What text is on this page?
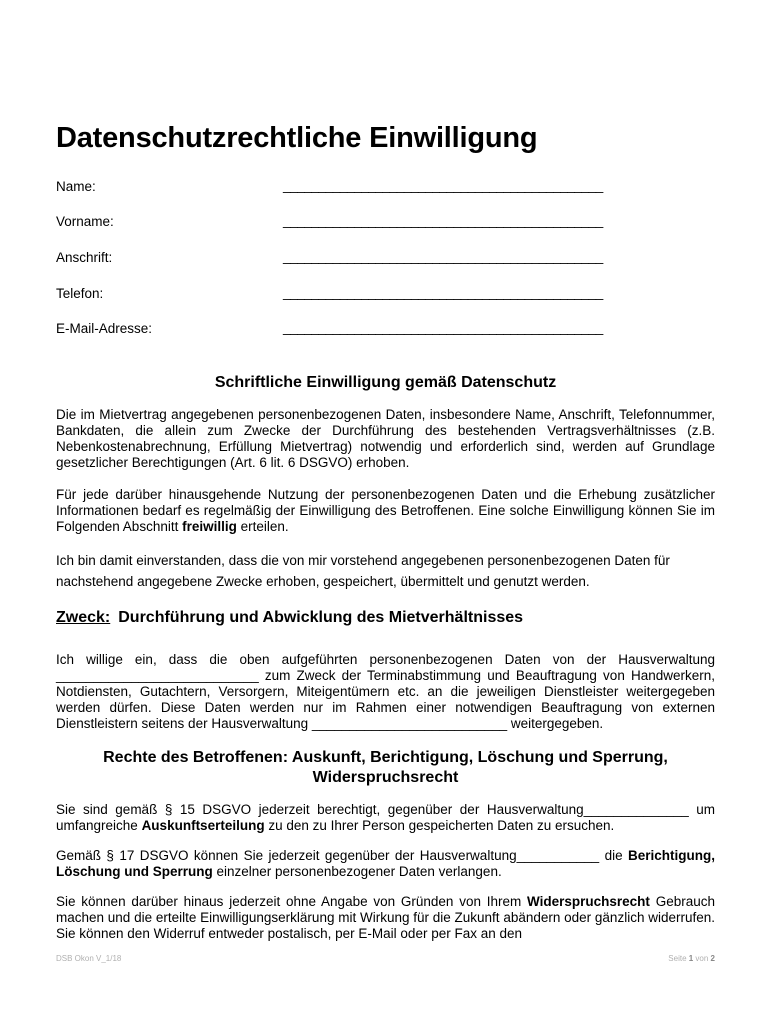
Datenschutzrechtliche Einwilligung
Name:	_____________________________________________
Vorname:	_____________________________________________
Anschrift:	_____________________________________________
Telefon:	_____________________________________________
E-Mail-Adresse:	_____________________________________________
Schriftliche Einwilligung gemäß Datenschutz

Die im Mietvertrag angegebenen personenbezogenen Daten, insbesondere Name, Anschrift, Telefonnummer, Bankdaten, die allein zum Zwecke der Durchführung des bestehenden Vertragsverhältnisses (z.B. Nebenkostenabrechnung, Erfüllung Mietvertrag) notwendig und erforderlich sind, werden auf Grundlage gesetzlicher Berechtigungen (Art. 6 lit. 6 DSGVO) erhoben.

Für jede darüber hinausgehende Nutzung der personenbezogenen Daten und die Erhebung zusätzlicher Informationen bedarf es regelmäßig der Einwilligung des Betroffenen. Eine solche Einwilligung können Sie im Folgenden Abschnitt freiwillig erteilen.

Ich bin damit einverstanden, dass die von mir vorstehend angegebenen personenbezogenen Daten für nachstehend angegebene Zwecke erhoben, gespeichert, übermittelt und genutzt werden.

Zweck: Durchführung und Abwicklung des Mietverhältnisses

Ich willige ein, dass die oben aufgeführten personenbezogenen Daten von der Hausverwaltung ___________________________ zum Zweck der Terminabstimmung und Beauftragung von Handwerkern, Notdiensten, Gutachtern, Versorgern, Miteigentümern etc. an die jeweiligen Dienstleister weitergegeben werden dürfen. Diese Daten werden nur im Rahmen einer notwendigen Beauftragung von externen Dienstleistern seitens der Hausverwaltung __________________________ weitergegeben.

Rechte des Betroffenen: Auskunft, Berichtigung, Löschung und Sperrung,
Widerspruchsrecht

Sie sind gemäß § 15 DSGVO jederzeit berechtigt, gegenüber der Hausverwaltung______________ um umfangreiche Auskunftserteilung zu den zu Ihrer Person gespeicherten Daten zu ersuchen.

Gemäß § 17 DSGVO können Sie jederzeit gegenüber der Hausverwaltung___________ die Berichtigung, Löschung und Sperrung einzelner personenbezogener Daten verlangen.

Sie können darüber hinaus jederzeit ohne Angabe von Gründen von Ihrem Widerspruchsrecht Gebrauch machen und die erteilte Einwilligungserklärung mit Wirkung für die Zukunft abändern oder gänzlich widerrufen. Sie können den Widerruf entweder postalisch, per E-Mail oder per Fax an den

DSB Okon V_1/18	Seite 1 von 2
